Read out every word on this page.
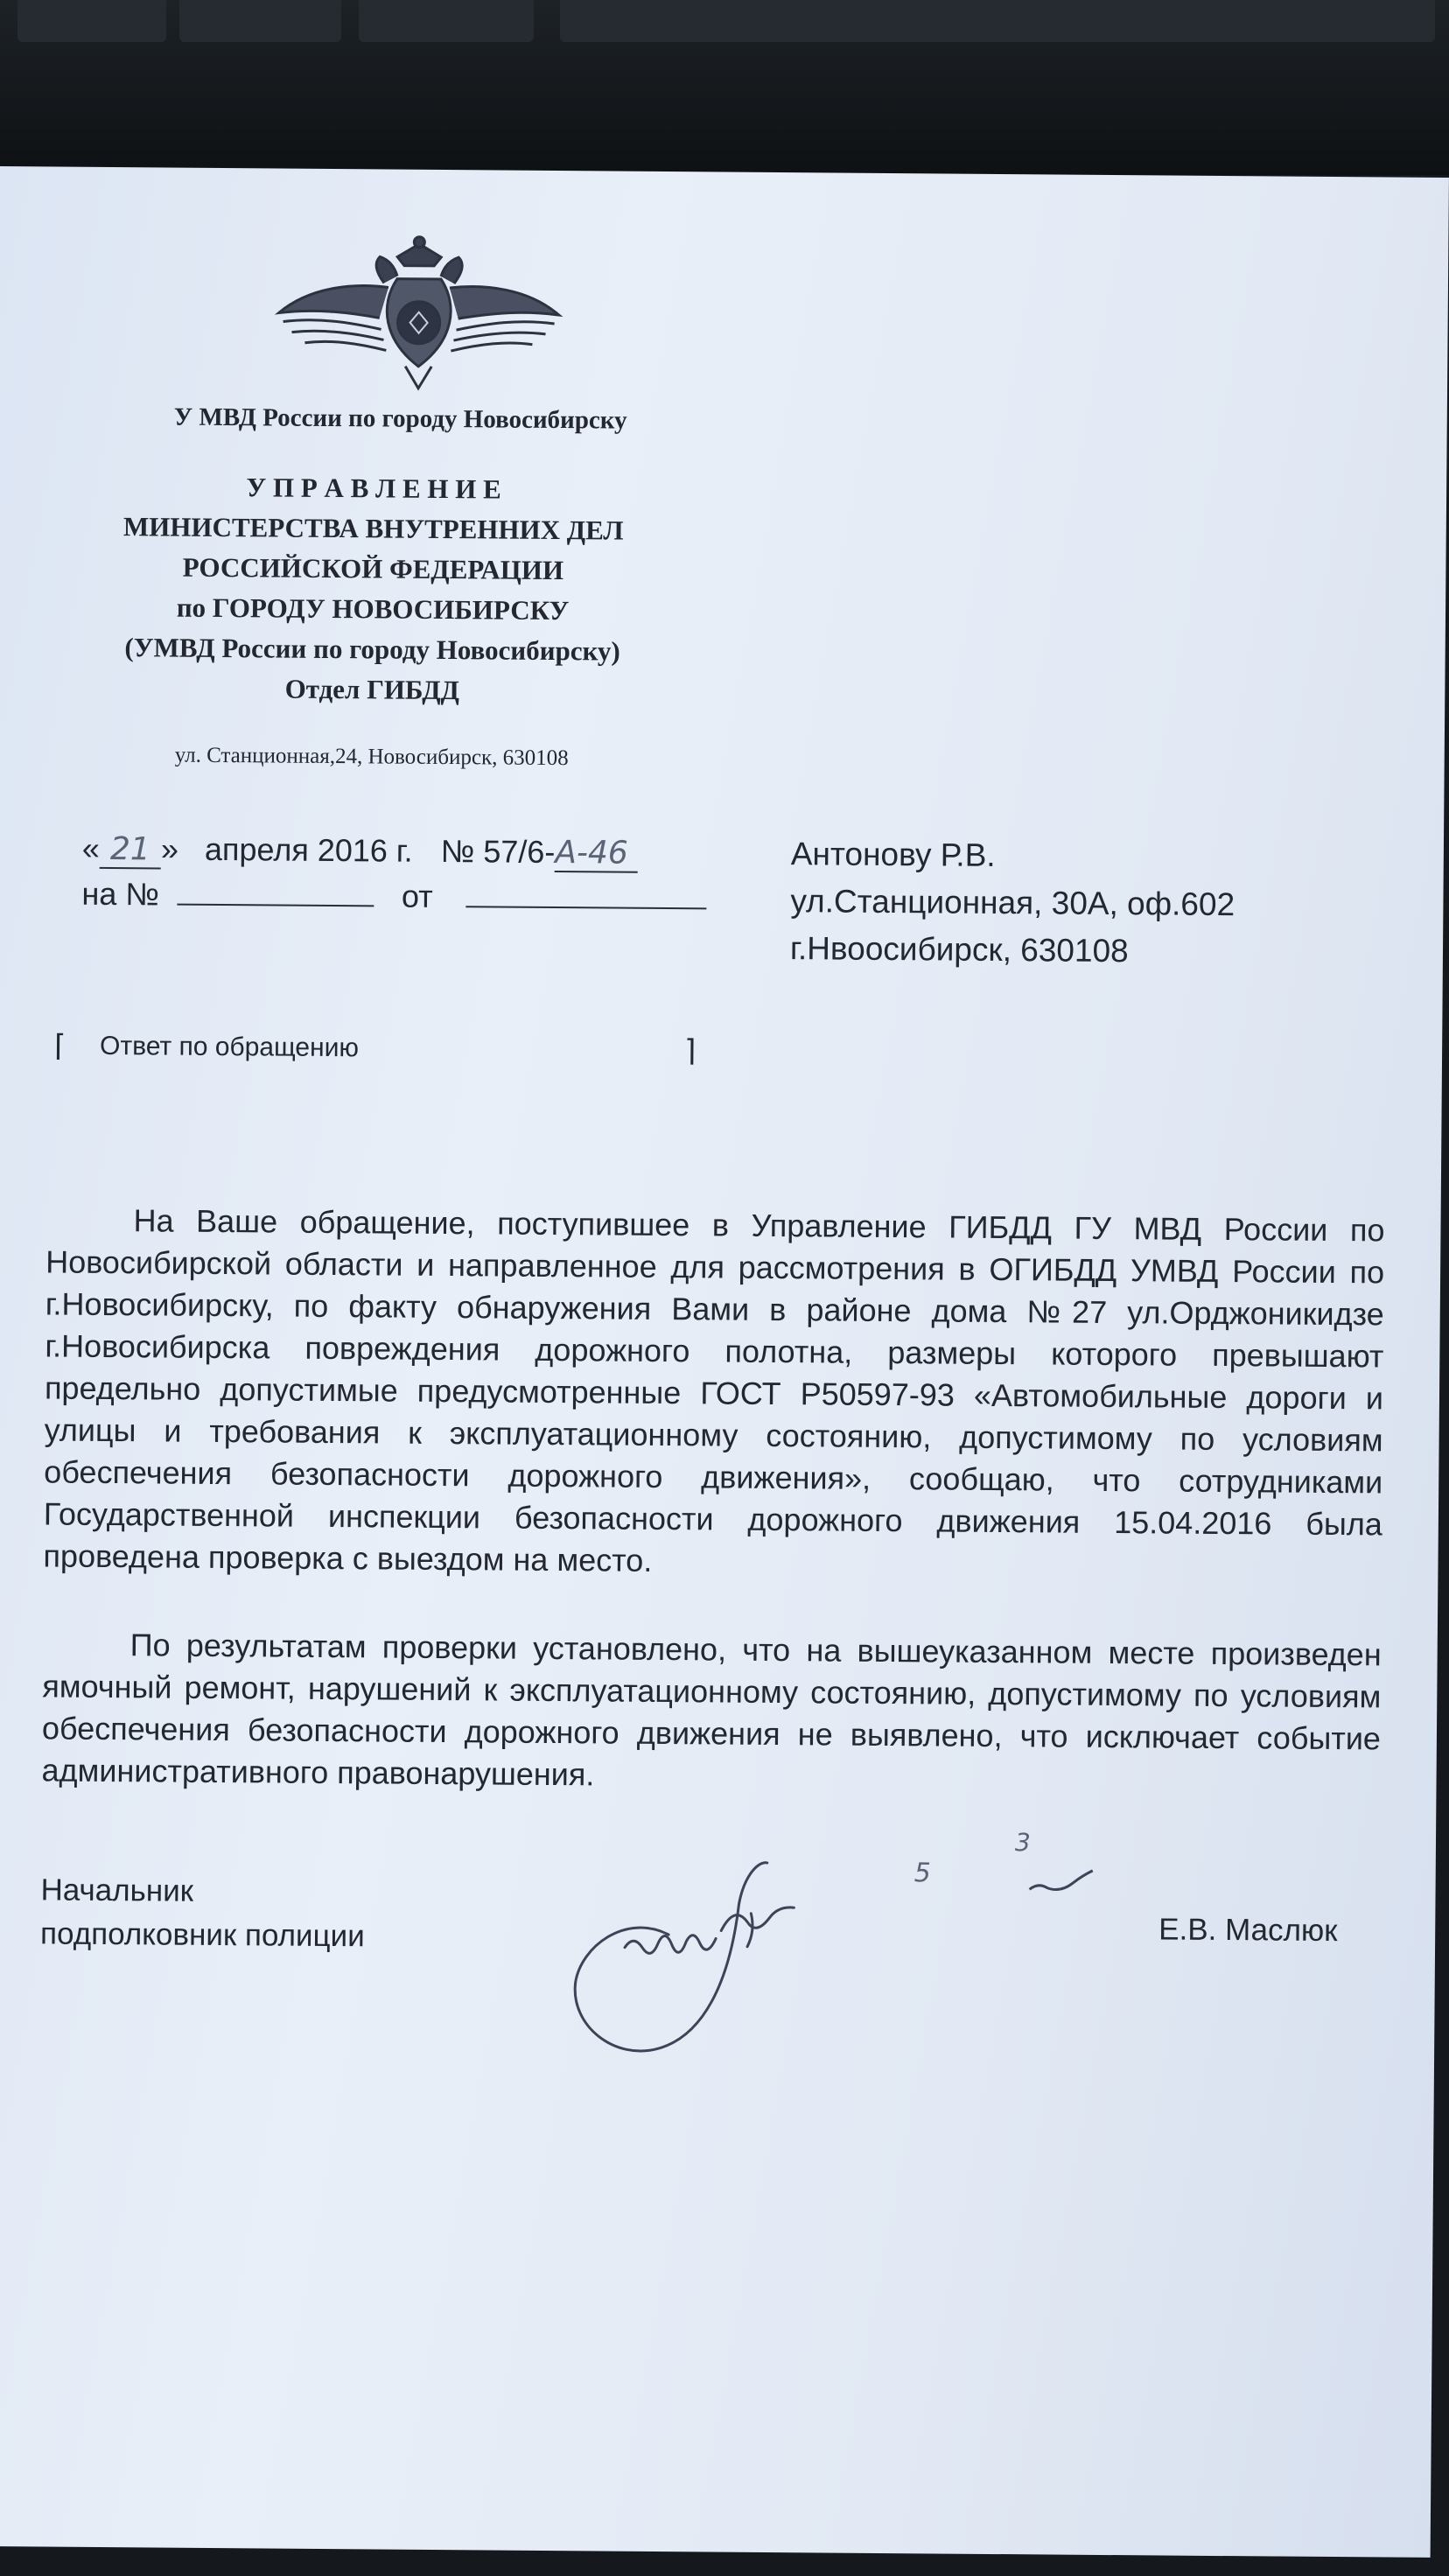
У МВД России по городу Новосибирску
У П Р А В Л Е Н И Е
МИНИСТЕРСТВА ВНУТРЕННИХ ДЕЛ
РОССИЙСКОЙ ФЕДЕРАЦИИ
по ГОРОДУ НОВОСИБИРСКУ
(УМВД России по городу Новосибирску)
Отдел ГИБДД
ул. Станционная,24, Новосибирск, 630108
« 21 » апреля 2016 г. № 57/6-А-46
на №	от
Антонову Р.В.
ул.Станционная, 30А, оф.602
г.Нвоосибирск, 630108
⌈ Ответ по обращению	⌉
На Ваше обращение, поступившее в Управление ГИБДД ГУ МВД России по Новосибирской области и направленное для рассмотрения в ОГИБДД УМВД России по г.Новосибирску, по факту обнаружения Вами в районе дома №27 ул.Орджоникидзе г.Новосибирска повреждения дорожного полотна, размеры которого превышают предельно допустимые предусмотренные ГОСТ Р50597-93 «Автомобильные дороги и улицы и требования к эксплуатационному состоянию, допустимому по условиям обеспечения безопасности дорожного движения», сообщаю, что сотрудниками Государственной инспекции безопасности дорожного движения 15.04.2016 была проведена проверка с выездом на место.
По результатам проверки установлено, что на вышеуказанном месте произведен ямочный ремонт, нарушений к эксплуатационному состоянию, допустимому по условиям обеспечения безопасности дорожного движения не выявлено, что исключает событие административного правонарушения.
Начальник
подполковник полиции	Е.В. Маслюк
5
3
